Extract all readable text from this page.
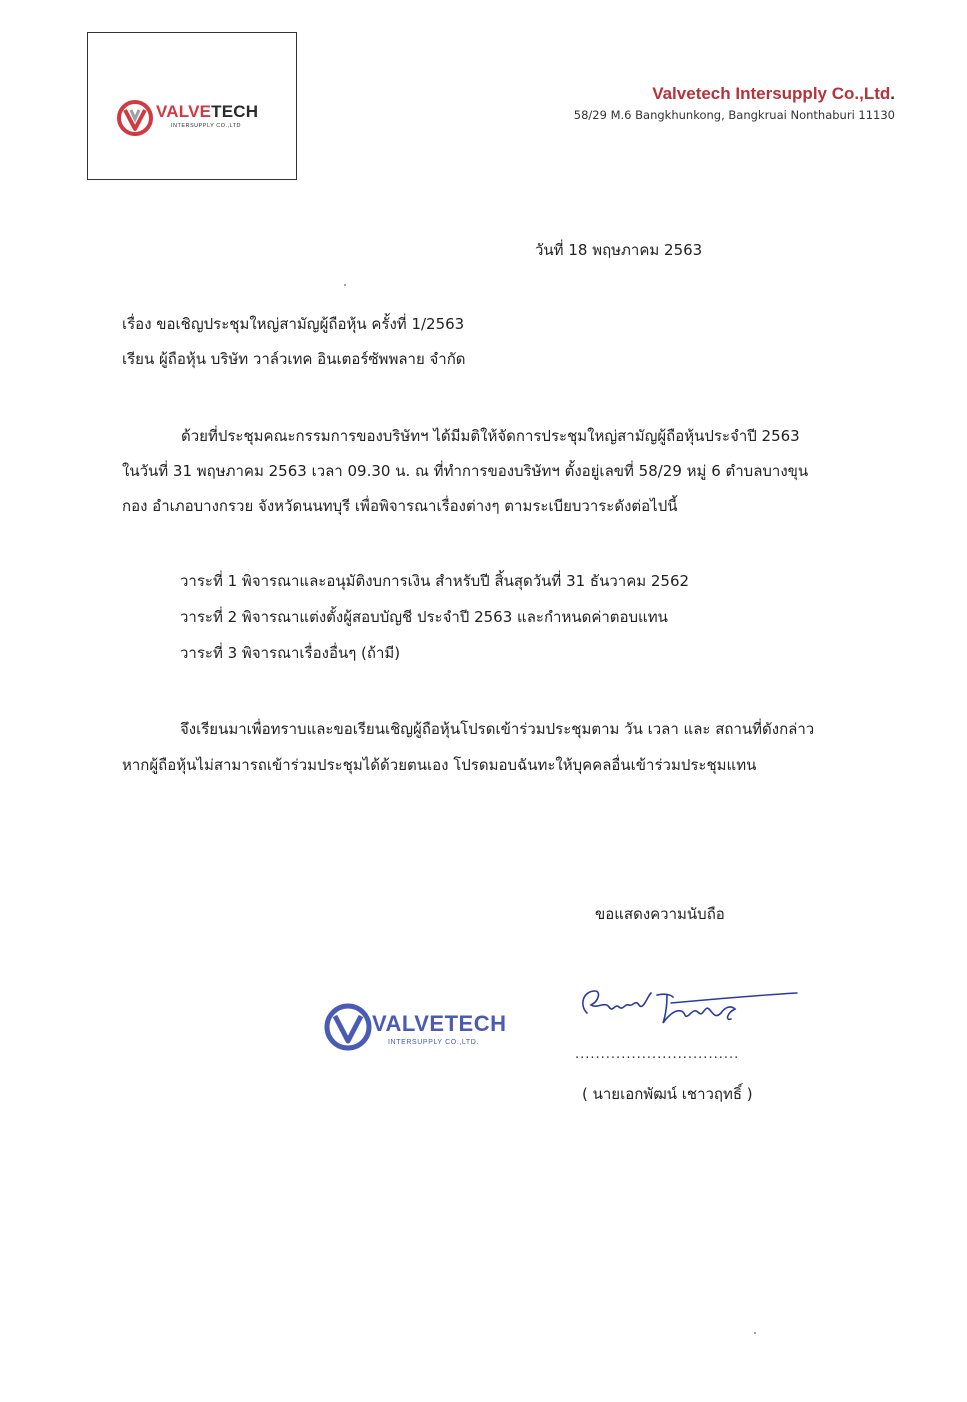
VALVETECH
INTERSUPPLY CO.,LTD
Valvetech Intersupply Co.,Ltd.
58/29 M.6 Bangkhunkong, Bangkruai Nonthaburi 11130
วันที่ 18 พฤษภาคม 2563
เรื่อง ขอเชิญประชุมใหญ่สามัญผู้ถือหุ้น ครั้งที่ 1/2563
เรียน ผู้ถือหุ้น บริษัท วาล์วเทค อินเตอร์ซัพพลาย จำกัด
ด้วยที่ประชุมคณะกรรมการของบริษัทฯ ได้มีมติให้จัดการประชุมใหญ่สามัญผู้ถือหุ้นประจำปี 2563
ในวันที่ 31 พฤษภาคม 2563 เวลา 09.30 น. ณ ที่ทำการของบริษัทฯ ตั้งอยู่เลขที่ 58/29 หมู่ 6 ตำบลบางขุน
กอง อำเภอบางกรวย จังหวัดนนทบุรี เพื่อพิจารณาเรื่องต่างๆ ตามระเบียบวาระดังต่อไปนี้
วาระที่ 1 พิจารณาและอนุมัติงบการเงิน สำหรับปี สิ้นสุดวันที่ 31 ธันวาคม 2562
วาระที่ 2 พิจารณาแต่งตั้งผู้สอบบัญชี ประจำปี 2563 และกำหนดค่าตอบแทน
วาระที่ 3 พิจารณาเรื่องอื่นๆ (ถ้ามี)
จึงเรียนมาเพื่อทราบและขอเรียนเชิญผู้ถือหุ้นโปรดเข้าร่วมประชุมตาม วัน เวลา และ สถานที่ดังกล่าว
หากผู้ถือหุ้นไม่สามารถเข้าร่วมประชุมได้ด้วยตนเอง โปรดมอบฉันทะให้บุคคลอื่นเข้าร่วมประชุมแทน
ขอแสดงความนับถือ
VALVETECH
INTERSUPPLY CO.,LTD.
................................
( นายเอกพัฒน์ เชาวฤทธิ์ )
